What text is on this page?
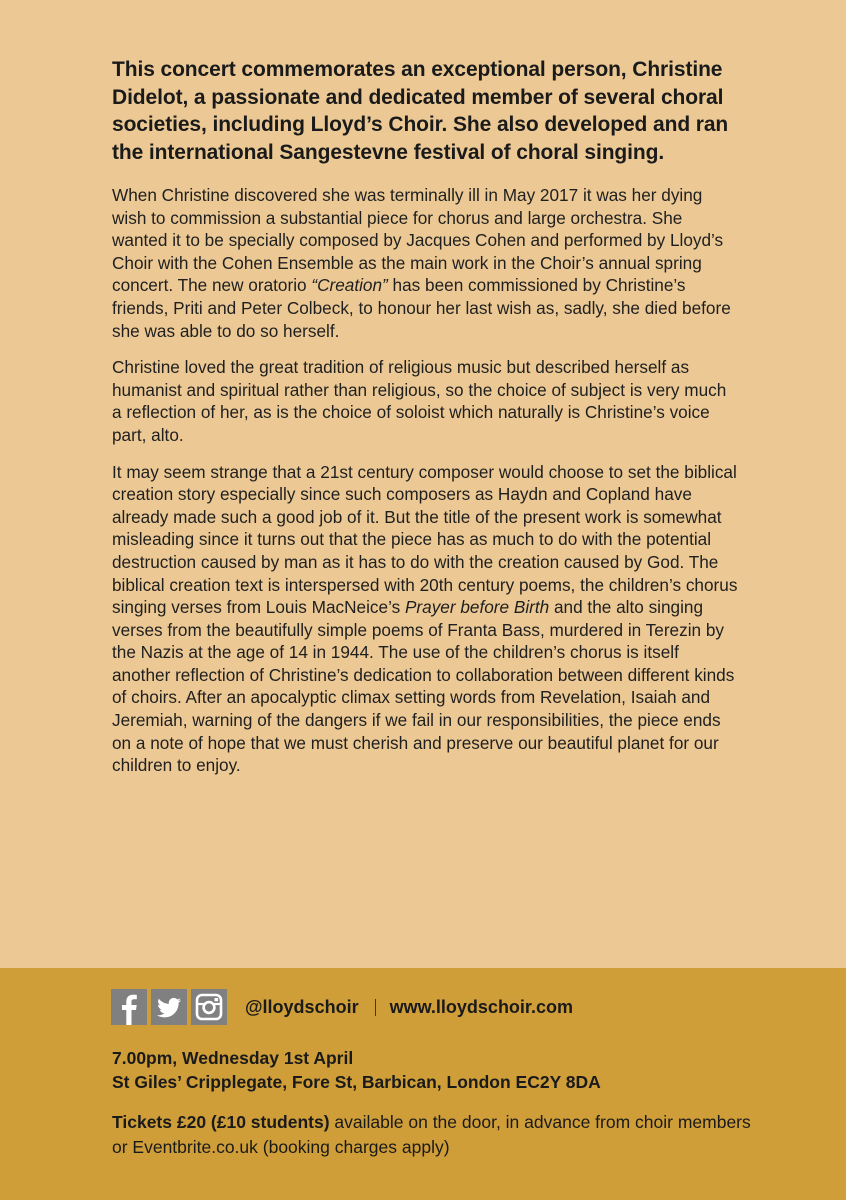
This concert commemorates an exceptional person, Christine Didelot, a passionate and dedicated member of several choral societies, including Lloyd’s Choir. She also developed and ran the international Sangestevne festival of choral singing.

When Christine discovered she was terminally ill in May 2017 it was her dying wish to commission a substantial piece for chorus and large orchestra. She wanted it to be specially composed by Jacques Cohen and performed by Lloyd’s Choir with the Cohen Ensemble as the main work in the Choir’s annual spring concert. The new oratorio “Creation” has been commissioned by Christine’s friends, Priti and Peter Colbeck, to honour her last wish as, sadly, she died before she was able to do so herself.

Christine loved the great tradition of religious music but described herself as humanist and spiritual rather than religious, so the choice of subject is very much a reflection of her, as is the choice of soloist which naturally is Christine’s voice part, alto.

It may seem strange that a 21st century composer would choose to set the biblical creation story especially since such composers as Haydn and Copland have already made such a good job of it. But the title of the present work is somewhat misleading since it turns out that the piece has as much to do with the potential destruction caused by man as it has to do with the creation caused by God. The biblical creation text is interspersed with 20th century poems, the children’s chorus singing verses from Louis MacNeice’s Prayer before Birth and the alto singing verses from the beautifully simple poems of Franta Bass, murdered in Terezin by the Nazis at the age of 14 in 1944. The use of the children’s chorus is itself another reflection of Christine’s dedication to collaboration between different kinds of choirs. After an apocalyptic climax setting words from Revelation, Isaiah and Jeremiah, warning of the dangers if we fail in our responsibilities, the piece ends on a note of hope that we must cherish and preserve our beautiful planet for our children to enjoy.

@lloydschoir www.lloydschoir.com
7.00pm, Wednesday 1st April
St Giles’ Cripplegate, Fore St, Barbican, London EC2Y 8DA

Tickets £20 (£10 students) available on the door, in advance from choir members or Eventbrite.co.uk (booking charges apply)
